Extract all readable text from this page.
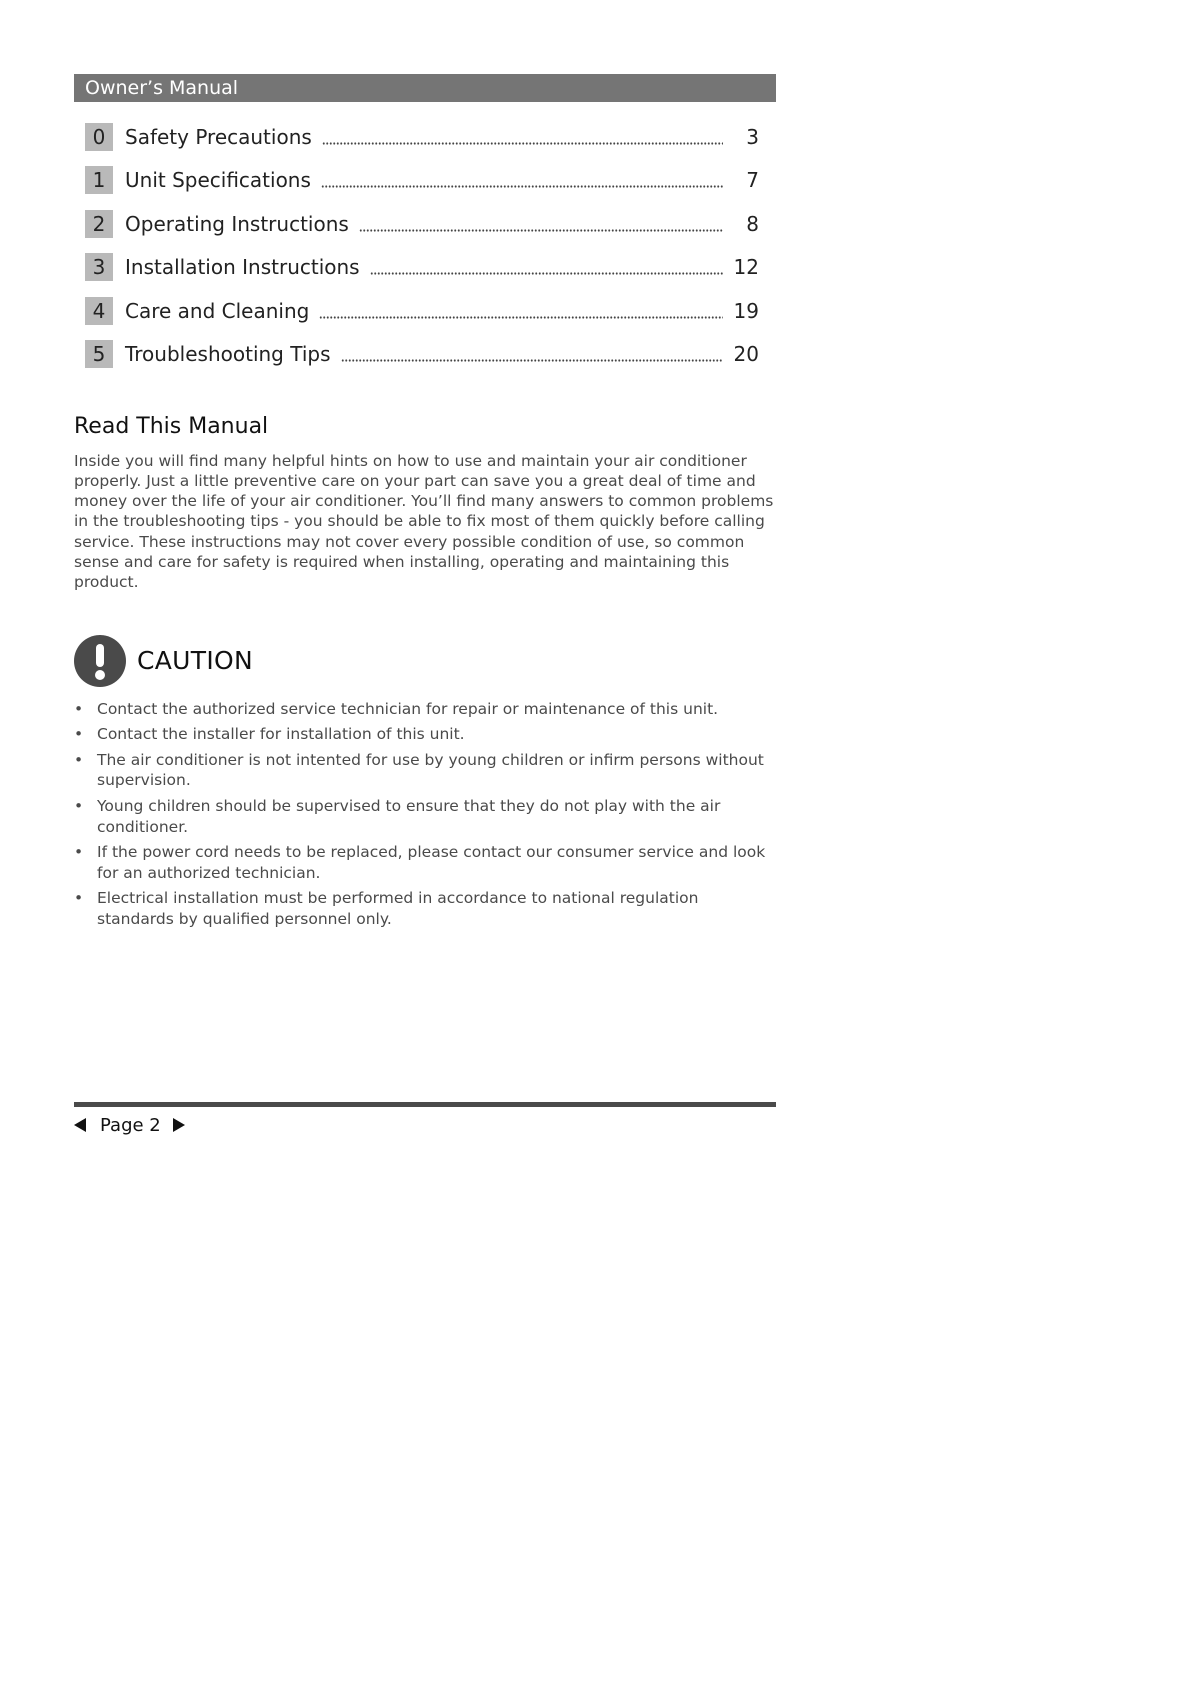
Owner’s Manual
0 Safety Precautions	3
1 Unit Specifications	7
2 Operating Instructions	8
3 Installation Instructions	12
4 Care and Cleaning	19
5 Troubleshooting Tips	20
Read This Manual

Inside you will find many helpful hints on how to use and maintain your air conditioner properly. Just a little preventive care on your part can save you a great deal of time and money over the life of your air conditioner. You’ll find many answers to common problems in the troubleshooting tips - you should be able to fix most of them quickly before calling service. These instructions may not cover every possible condition of use, so common sense and care for safety is required when installing, operating and maintaining this product.

CAUTION
• Contact the authorized service technician for repair or maintenance of this unit.
• Contact the installer for installation of this unit.
• The air conditioner is not intented for use by young children or infirm persons without supervision.
• Young children should be supervised to ensure that they do not play with the air conditioner.
• If the power cord needs to be replaced, please contact our consumer service and look for an authorized technician.
• Electrical installation must be performed in accordance to national regulation standards by qualified personnel only.
Page 2
